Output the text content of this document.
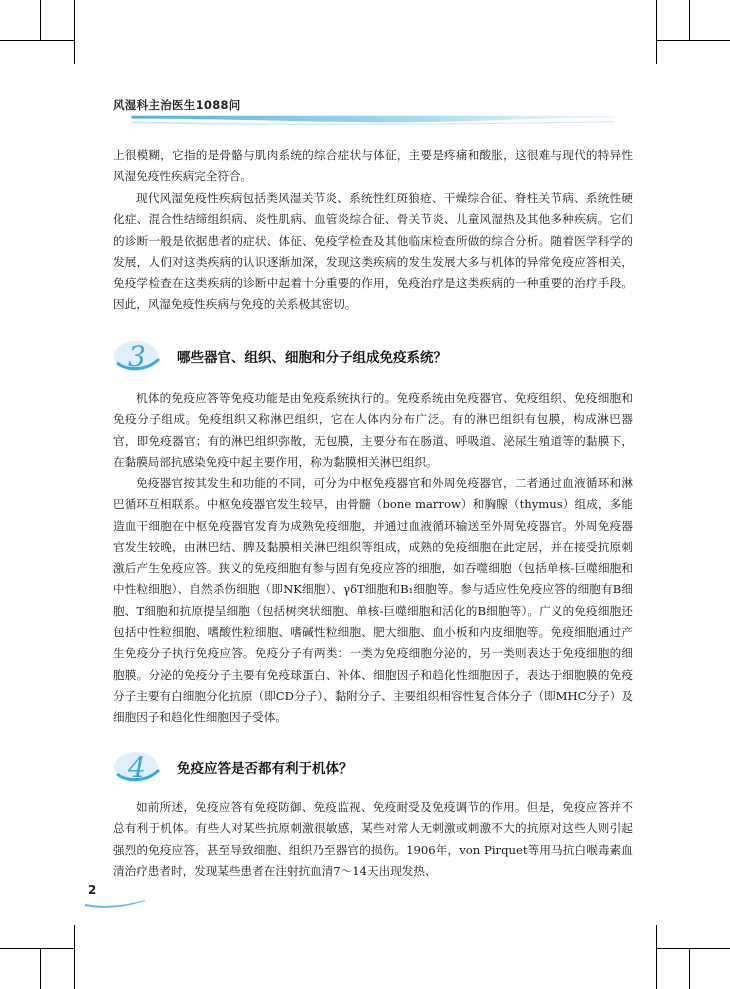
风湿科主治医生1088问

上很模糊，它指的是骨骼与肌肉系统的综合症状与体征，主要是疼痛和酸胀，这很难与现代的特异性风湿免疫性疾病完全符合。

现代风湿免疫性疾病包括类风湿关节炎、系统性红斑狼疮、干燥综合征、脊柱关节病、系统性硬化症、混合性结缔组织病、炎性肌病、血管炎综合征、骨关节炎、儿童风湿热及其他多种疾病。它们的诊断一般是依据患者的症状、体征、免疫学检查及其他临床检查所做的综合分析。随着医学科学的发展，人们对这类疾病的认识逐渐加深，发现这类疾病的发生发展大多与机体的异常免疫应答相关，免疫学检查在这类疾病的诊断中起着十分重要的作用，免疫治疗是这类疾病的一种重要的治疗手段。因此，风湿免疫性疾病与免疫的关系极其密切。

3 哪些器官、组织、细胞和分子组成免疫系统？

机体的免疫应答等免疫功能是由免疫系统执行的。免疫系统由免疫器官、免疫组织、免疫细胞和免疫分子组成。免疫组织又称淋巴组织，它在人体内分布广泛。有的淋巴组织有包膜，构成淋巴器官，即免疫器官；有的淋巴组织弥散，无包膜，主要分布在肠道、呼吸道、泌尿生殖道等的黏膜下，在黏膜局部抗感染免疫中起主要作用，称为黏膜相关淋巴组织。

免疫器官按其发生和功能的不同，可分为中枢免疫器官和外周免疫器官，二者通过血液循环和淋巴循环互相联系。中枢免疫器官发生较早，由骨髓（bone marrow）和胸腺（thymus）组成，多能造血干细胞在中枢免疫器官发育为成熟免疫细胞，并通过血液循环输送至外周免疫器官。外周免疫器官发生较晚，由淋巴结、脾及黏膜相关淋巴组织等组成，成熟的免疫细胞在此定居，并在接受抗原刺激后产生免疫应答。狭义的免疫细胞有参与固有免疫应答的细胞，如吞噬细胞（包括单核-巨噬细胞和中性粒细胞）、自然杀伤细胞（即NK细胞）、γδT细胞和B₁细胞等。参与适应性免疫应答的细胞有B细胞、T细胞和抗原提呈细胞（包括树突状细胞、单核-巨噬细胞和活化的B细胞等）。广义的免疫细胞还包括中性粒细胞、嗜酸性粒细胞、嗜碱性粒细胞、肥大细胞、血小板和内皮细胞等。免疫细胞通过产生免疫分子执行免疫应答。免疫分子有两类：一类为免疫细胞分泌的，另一类则表达于免疫细胞的细胞膜。分泌的免疫分子主要有免疫球蛋白、补体、细胞因子和趋化性细胞因子，表达于细胞膜的免疫分子主要有白细胞分化抗原（即CD分子）、黏附分子、主要组织相容性复合体分子（即MHC分子）及细胞因子和趋化性细胞因子受体。

4 免疫应答是否都有利于机体？

如前所述，免疫应答有免疫防御、免疫监视、免疫耐受及免疫调节的作用。但是，免疫应答并不总有利于机体。有些人对某些抗原刺激很敏感，某些对常人无刺激或刺激不大的抗原对这些人则引起强烈的免疫应答，甚至导致细胞、组织乃至器官的损伤。1906年，von Pirquet等用马抗白喉毒素血清治疗患者时，发现某些患者在注射抗血清7～14天出现发热、

2
